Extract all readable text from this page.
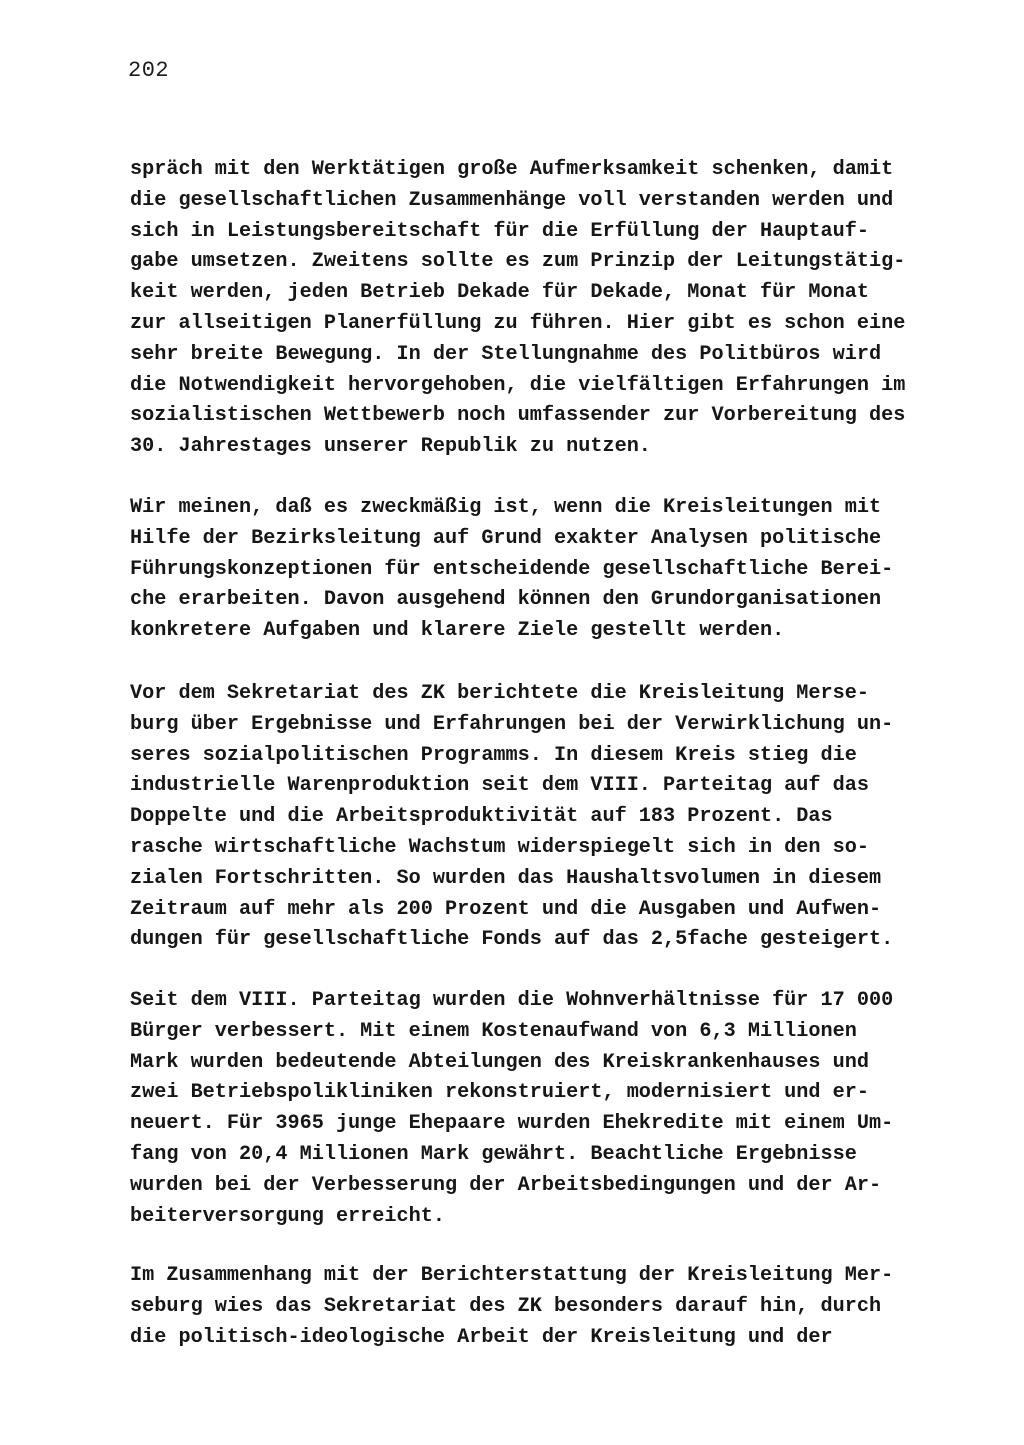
202
spräch mit den Werktätigen große Aufmerksamkeit schenken, damit
die gesellschaftlichen Zusammenhänge voll verstanden werden und
sich in Leistungsbereitschaft für die Erfüllung der Hauptauf-
gabe umsetzen. Zweitens sollte es zum Prinzip der Leitungstätig-
keit werden, jeden Betrieb Dekade für Dekade, Monat für Monat
zur allseitigen Planerfüllung zu führen. Hier gibt es schon eine
sehr breite Bewegung. In der Stellungnahme des Politbüros wird
die Notwendigkeit hervorgehoben, die vielfältigen Erfahrungen im
sozialistischen Wettbewerb noch umfassender zur Vorbereitung des
30. Jahrestages unserer Republik zu nutzen.
Wir meinen, daß es zweckmäßig ist, wenn die Kreisleitungen mit
Hilfe der Bezirksleitung auf Grund exakter Analysen politische
Führungskonzeptionen für entscheidende gesellschaftliche Berei-
che erarbeiten. Davon ausgehend können den Grundorganisationen
konkretere Aufgaben und klarere Ziele gestellt werden.
Vor dem Sekretariat des ZK berichtete die Kreisleitung Merse-
burg über Ergebnisse und Erfahrungen bei der Verwirklichung un-
seres sozialpolitischen Programms. In diesem Kreis stieg die
industrielle Warenproduktion seit dem VIII. Parteitag auf das
Doppelte und die Arbeitsproduktivität auf 183 Prozent. Das
rasche wirtschaftliche Wachstum widerspiegelt sich in den so-
zialen Fortschritten. So wurden das Haushaltsvolumen in diesem
Zeitraum auf mehr als 200 Prozent und die Ausgaben und Aufwen-
dungen für gesellschaftliche Fonds auf das 2,5fache gesteigert.
Seit dem VIII. Parteitag wurden die Wohnverhältnisse für 17 000
Bürger verbessert. Mit einem Kostenaufwand von 6,3 Millionen
Mark wurden bedeutende Abteilungen des Kreiskrankenhauses und
zwei Betriebspolikliniken rekonstruiert, modernisiert und er-
neuert. Für 3965 junge Ehepaare wurden Ehekredite mit einem Um-
fang von 20,4 Millionen Mark gewährt. Beachtliche Ergebnisse
wurden bei der Verbesserung der Arbeitsbedingungen und der Ar-
beiterversorgung erreicht.
Im Zusammenhang mit der Berichterstattung der Kreisleitung Mer-
seburg wies das Sekretariat des ZK besonders darauf hin, durch
die politisch-ideologische Arbeit der Kreisleitung und der
